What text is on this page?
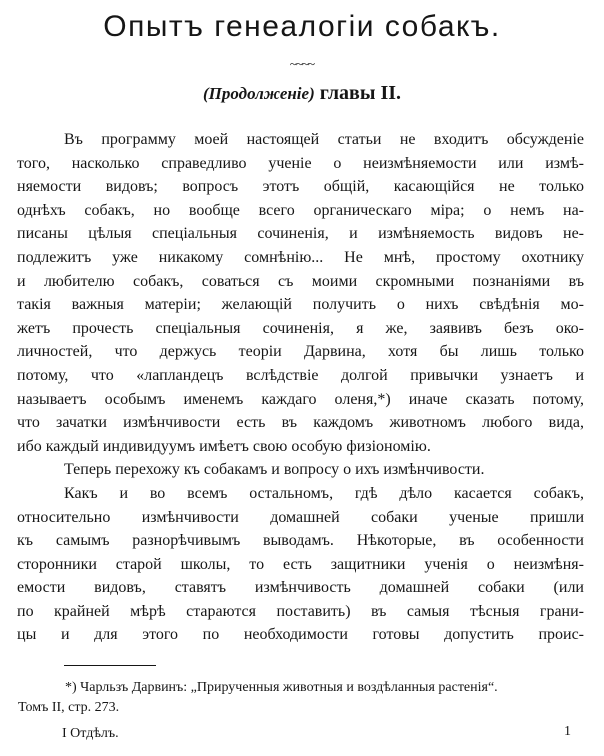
Опытъ генеалогіи собакъ.
~~~~
(Продолженіе) главы II.

Въ программу моей настоящей статьи не входитъ обсужденіе
того, насколько справедливо ученіе о неизмѣняемости или измѣ-
няемости видовъ; вопросъ этотъ общій, касающійся не только
однѣхъ собакъ, но вообще всего органическаго міра; о немъ на-
писаны цѣлыя спеціальныя сочиненія, и измѣняемость видовъ не-
подлежитъ уже никакому сомнѣнію... Не мнѣ, простому охотнику
и любителю собакъ, соваться съ моими скромными познаніями въ
такія важныя матеріи; желающій получить о нихъ свѣдѣнія мо-
жетъ прочесть спеціальныя сочиненія, я же, заявивъ безъ око-
личностей, что держусь теоріи Дарвина, хотя бы лишь только
потому, что «лапландецъ вслѣдствіе долгой привычки узнаетъ и
называетъ особымъ именемъ каждаго оленя,*) иначе сказать потому,
что зачатки измѣнчивости есть въ каждомъ животномъ любого вида,
ибо каждый индивидуумъ имѣетъ свою особую физіономію.

Теперь перехожу къ собакамъ и вопросу о ихъ измѣнчивости.

Какъ и во всемъ остальномъ, гдѣ дѣло касается собакъ,
относительно измѣнчивости домашней собаки ученые пришли
къ самымъ разнорѣчивымъ выводамъ. Нѣкоторые, въ особенности
сторонники старой школы, то есть защитники ученія о неизмѣня-
емости видовъ, ставятъ измѣнчивость домашней собаки (или
по крайней мѣрѣ стараются поставить) въ самыя тѣсныя грани-
цы и для этого по необходимости готовы допустить проис-

*) Чарльзъ Дарвинъ: „Прирученныя животныя и воздѣланныя растенія“.
Томъ II, стр. 273.
I Отдѣлъ.	1
